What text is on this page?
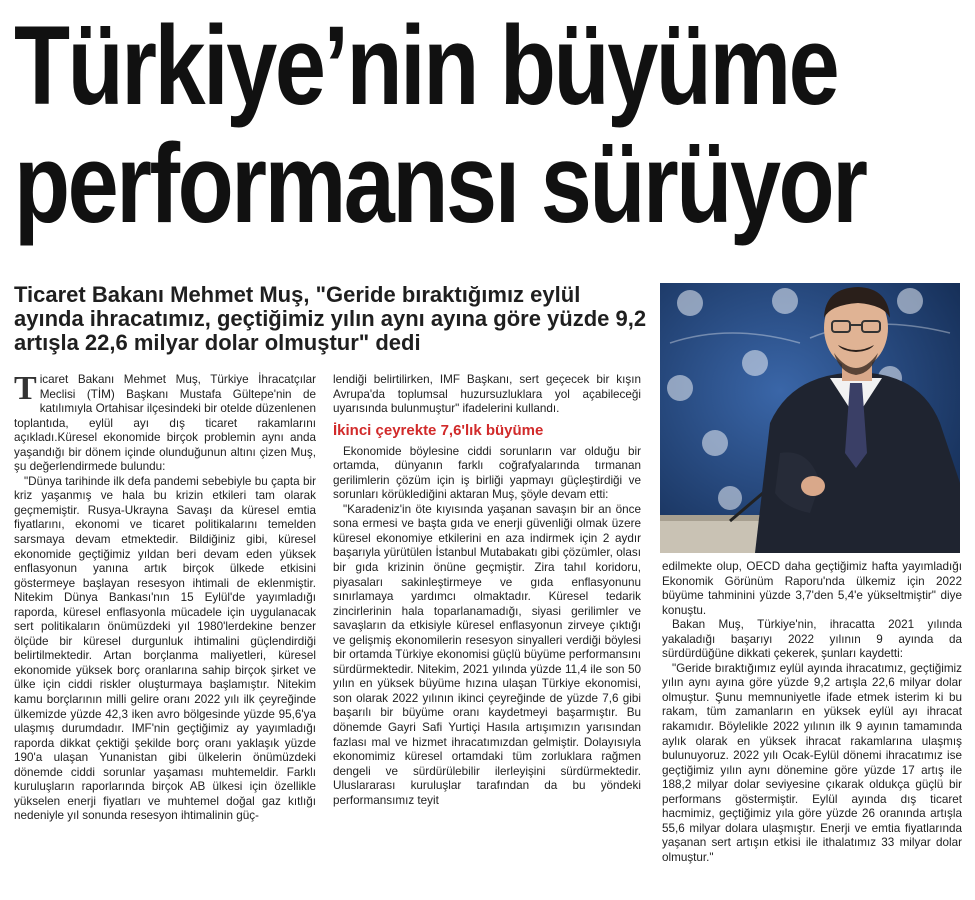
Türkiye’nin büyüme
performansı sürüyor
Ticaret Bakanı Mehmet Muş, "Geride bıraktığımız eylül ayında ihracatımız, geçtiğimiz yılın aynı ayına göre yüzde 9,2 artışla 22,6 milyar dolar olmuştur" dedi

Ticaret Bakanı Mehmet Muş, Türkiye İhracatçılar Meclisi (TİM) Başkanı Mustafa Gültepe'nin de katılımıyla Ortahisar ilçesindeki bir otelde düzenlenen toplantıda, eylül ayı dış ticaret rakamlarını açıkladı.Küresel ekonomide birçok problemin aynı anda yaşandığı bir dönem içinde olunduğunun altını çizen Muş, şu değerlendirmede bulundu:

"Dünya tarihinde ilk defa pandemi sebebiyle bu çapta bir kriz yaşanmış ve hala bu krizin etkileri tam olarak geçmemiştir. Rusya-Ukrayna Savaşı da küresel emtia fiyatlarını, ekonomi ve ticaret politikalarını temelden sarsmaya devam etmektedir. Bildiğiniz gibi, küresel ekonomide geçtiğimiz yıldan beri devam eden yüksek enflasyonun yanına artık birçok ülkede etkisini göstermeye başlayan resesyon ihtimali de eklenmiştir. Nitekim Dünya Bankası'nın 15 Eylül'de yayımladığı raporda, küresel enflasyonla mücadele için uygulanacak sert politikaların önümüzdeki yıl 1980'lerdekine benzer ölçüde bir küresel durgunluk ihtimalini güçlendirdiği belirtilmektedir. Artan borçlanma maliyetleri, küresel ekonomide yüksek borç oranlarına sahip birçok şirket ve ülke için ciddi riskler oluşturmaya başlamıştır. Nitekim kamu borçlarının milli gelire oranı 2022 yılı ilk çeyreğinde ülkemizde yüzde 42,3 iken avro bölgesinde yüzde 95,6'ya ulaşmış durumdadır. IMF'nin geçtiğimiz ay yayımladığı raporda dikkat çektiği şekilde borç oranı yaklaşık yüzde 190'a ulaşan Yunanistan gibi ülkelerin önümüzdeki dönemde ciddi sorunlar yaşaması muhtemeldir. Farklı kuruluşların raporlarında birçok AB ülkesi için özellikle yükselen enerji fiyatları ve muhtemel doğal gaz kıtlığı nedeniyle yıl sonunda resesyon ihtimalinin güç-

lendiği belirtilirken, IMF Başkanı, sert geçecek bir kışın Avrupa'da toplumsal huzursuzluklara yol açabileceği uyarısında bulunmuştur" ifadelerini kullandı.

İkinci çeyrekte 7,6'lık büyüme

Ekonomide böylesine ciddi sorunların var olduğu bir ortamda, dünyanın farklı coğrafyalarında tırmanan gerilimlerin çözüm için iş birliği yapmayı güçleştirdiği ve sorunları körüklediğini aktaran Muş, şöyle devam etti:

"Karadeniz'in öte kıyısında yaşanan savaşın bir an önce sona ermesi ve başta gıda ve enerji güvenliği olmak üzere küresel ekonomiye etkilerini en aza indirmek için 2 aydır başarıyla yürütülen İstanbul Mutabakatı gibi çözümler, olası bir gıda krizinin önüne geçmiştir. Zira tahıl koridoru, piyasaları sakinleştirmeye ve gıda enflasyonunu sınırlamaya yardımcı olmaktadır. Küresel tedarik zincirlerinin hala toparlanamadığı, siyasi gerilimler ve savaşların da etkisiyle küresel enflasyonun zirveye çıktığı ve gelişmiş ekonomilerin resesyon sinyalleri verdiği böylesi bir ortamda Türkiye ekonomisi güçlü büyüme performansını sürdürmektedir. Nitekim, 2021 yılında yüzde 11,4 ile son 50 yılın en yüksek büyüme hızına ulaşan Türkiye ekonomisi, son olarak 2022 yılının ikinci çeyreğinde de yüzde 7,6 gibi başarılı bir büyüme oranı kaydetmeyi başarmıştır. Bu dönemde Gayri Safi Yurtiçi Hasıla artışımızın yarısından fazlası mal ve hizmet ihracatımızdan gelmiştir. Dolayısıyla ekonomimiz küresel ortamdaki tüm zorluklara rağmen dengeli ve sürdürülebilir ilerleyişini sürdürmektedir. Uluslararası kuruluşlar tarafından da bu yöndeki performansımız teyit

edilmekte olup, OECD daha geçtiğimiz hafta yayımladığı Ekonomik Görünüm Raporu'nda ülkemiz için 2022 büyüme tahminini yüzde 3,7'den 5,4'e yükseltmiştir" diye konuştu.

Bakan Muş, Türkiye'nin, ihracatta 2021 yılında yakaladığı başarıyı 2022 yılının 9 ayında da sürdürdüğüne dikkati çekerek, şunları kaydetti:

"Geride bıraktığımız eylül ayında ihracatımız, geçtiğimiz yılın aynı ayına göre yüzde 9,2 artışla 22,6 milyar dolar olmuştur. Şunu memnuniyetle ifade etmek isterim ki bu rakam, tüm zamanların en yüksek eylül ayı ihracat rakamıdır. Böylelikle 2022 yılının ilk 9 ayının tamamında aylık olarak en yüksek ihracat rakamlarına ulaşmış bulunuyoruz. 2022 yılı Ocak-Eylül dönemi ihracatımız ise geçtiğimiz yılın aynı dönemine göre yüzde 17 artış ile 188,2 milyar dolar seviyesine çıkarak oldukça güçlü bir performans göstermiştir. Eylül ayında dış ticaret hacmimiz, geçtiğimiz yıla göre yüzde 26 oranında artışla 55,6 milyar dolara ulaşmıştır. Enerji ve emtia fiyatlarında yaşanan sert artışın etkisi ile ithalatımız 33 milyar dolar olmuştur."
